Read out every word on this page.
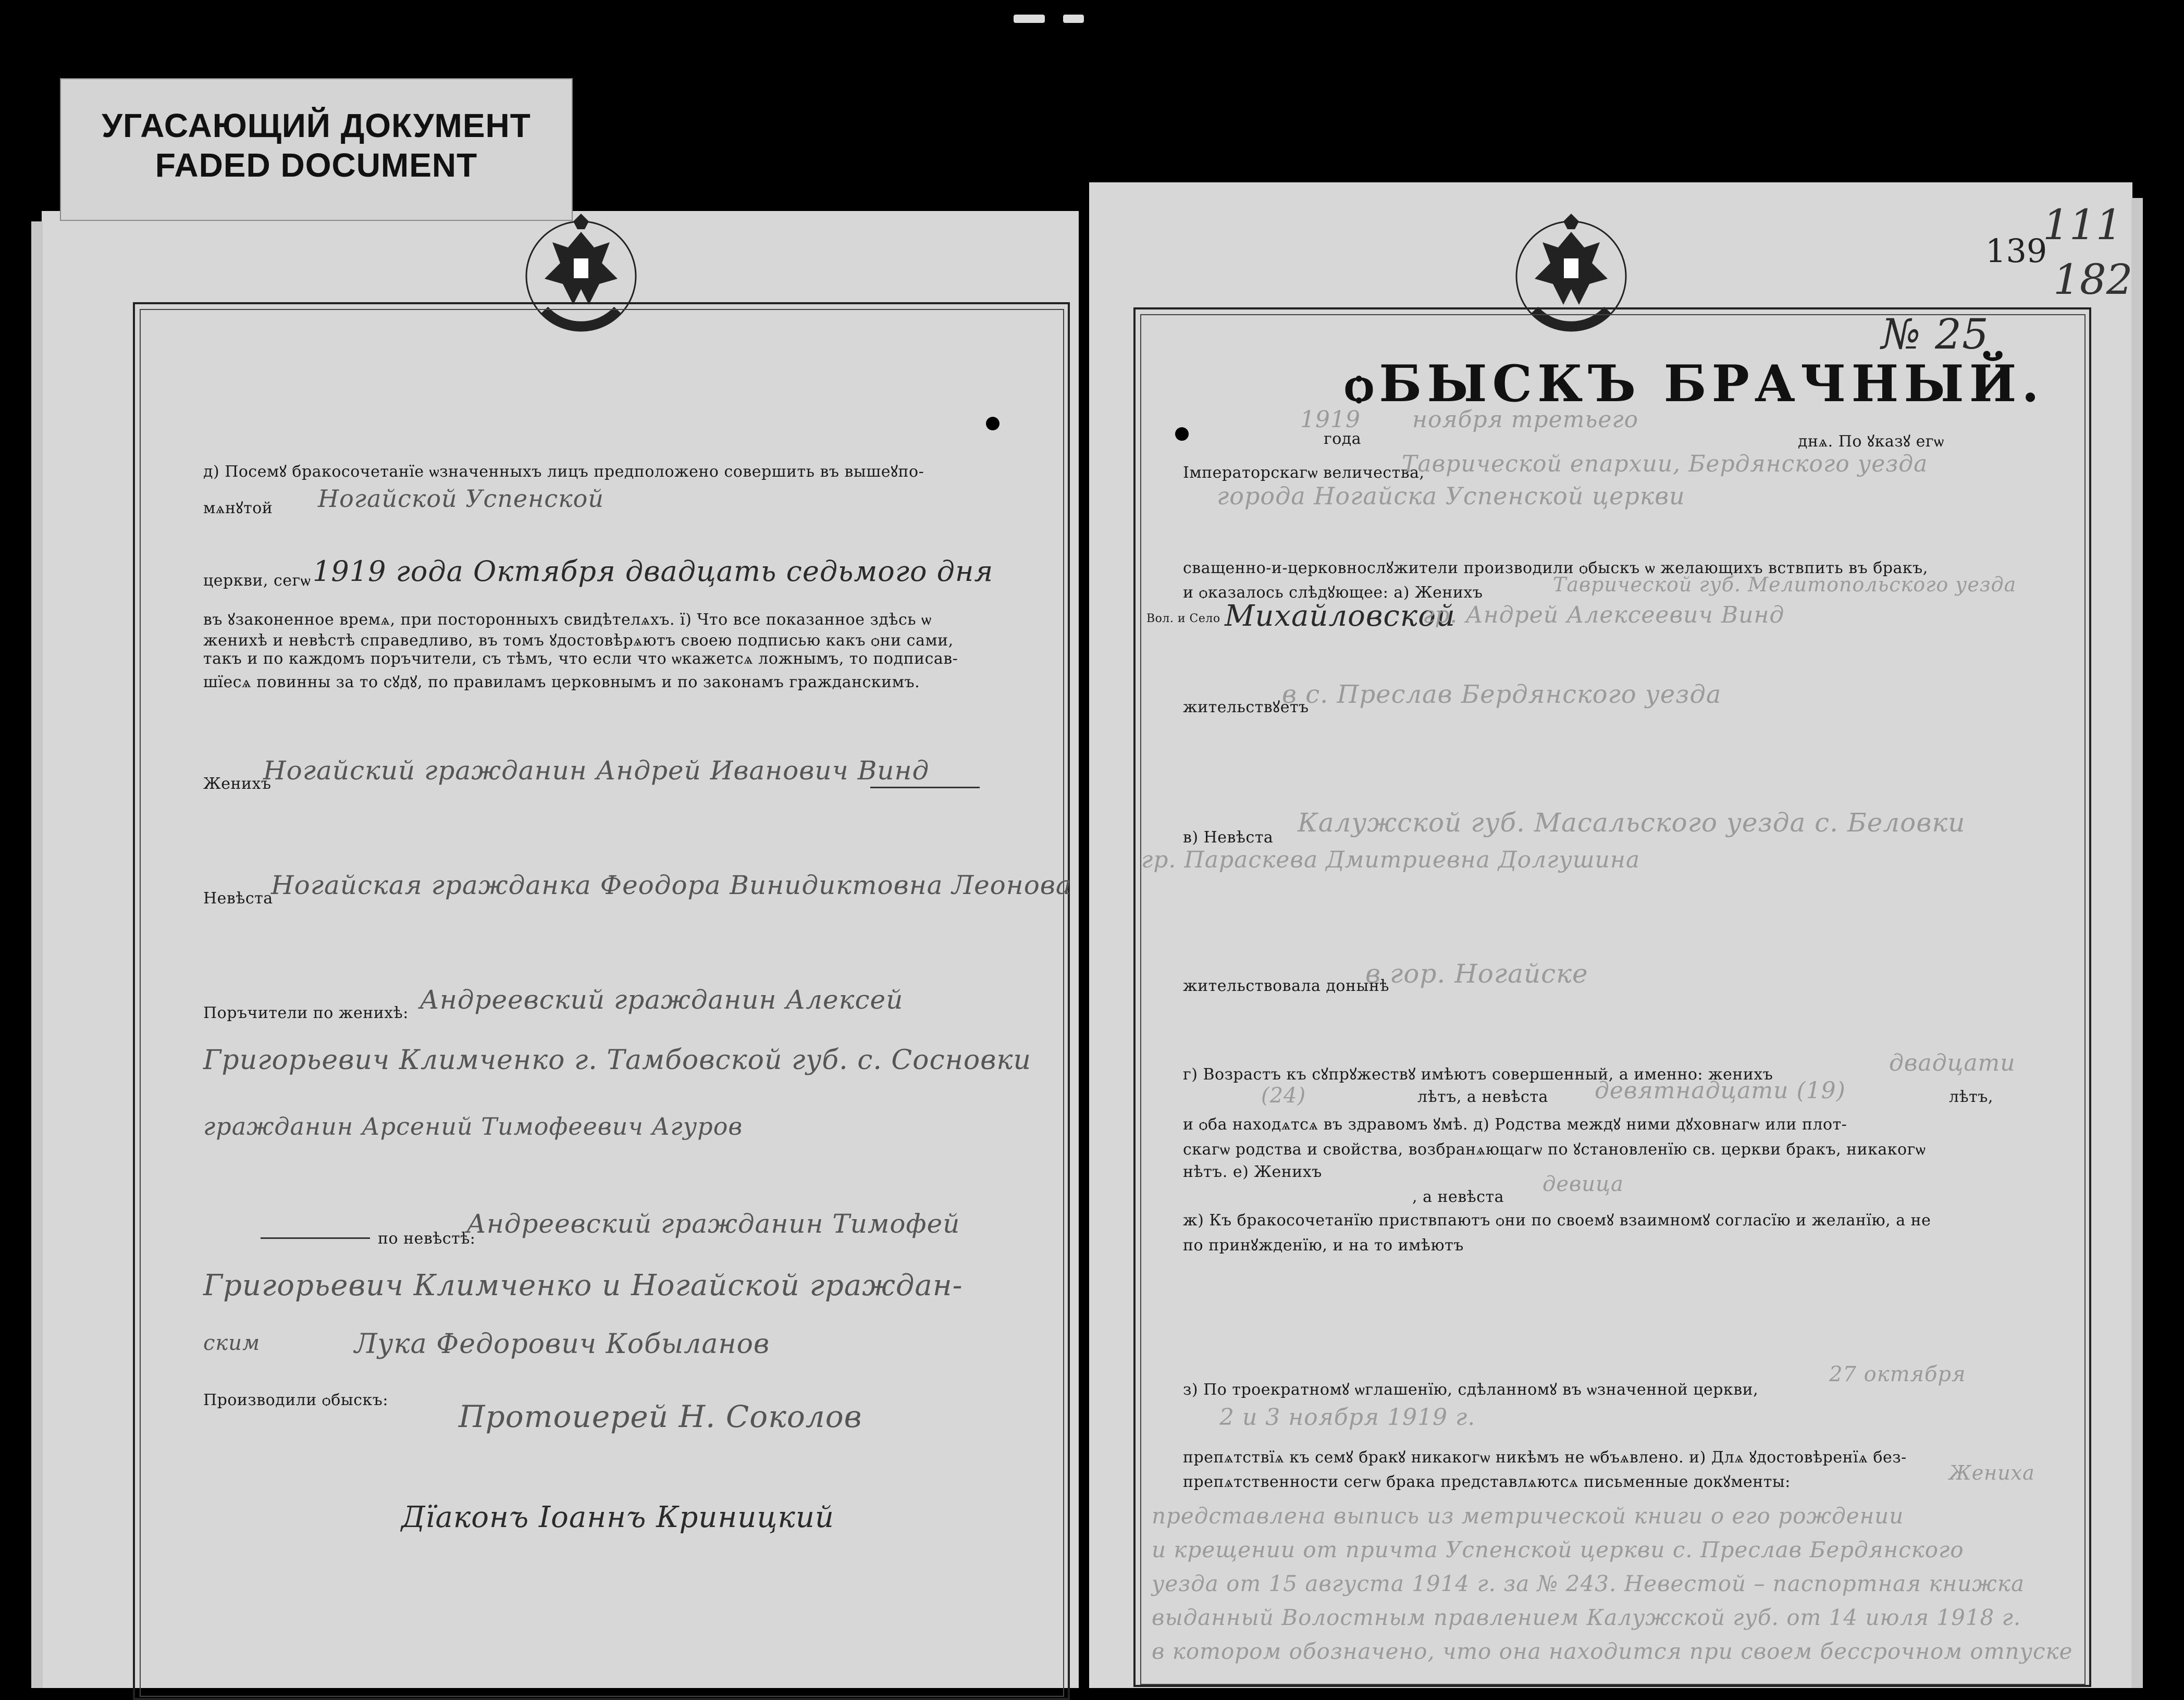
д) Посемꙋ бракосочетанїе ѡзначенныхъ лицъ предположено совершить въ вышеꙋпо-
мѧнꙋтой Ногайской Успенской
церкви, сегѡ 1919 года Октября двадцать седьмого дня
въ ꙋзаконенное времѧ, при посторонныхъ свидѣтелѧхъ. ї) Что все показанное здѣсь ѡ
женихѣ и невѣстѣ справедливо, въ томъ ꙋдостовѣрѧютъ своею подписью какъ ѻни сами,
такъ и по каждомъ поръчители, съ тѣмъ, что если что ѡкажетсѧ ложнымъ, то подписав-
шїесѧ повинны за то сꙋдꙋ, по правиламъ церковнымъ и по законамъ гражданскимъ.
Женихъ
Ногайский гражданин Андрей Иванович Винд
Невѣста
Ногайская гражданка Феодора Винидиктовна Леонова
Поръчители по женихѣ: Андреевский гражданин Алексей
Григорьевич Климченко г. Тамбовской губ. с. Сосновки
гражданин Арсений Тимофеевич Агуров
по невѣстѣ:
Андреевский гражданин Тимофей
Григорьевич Климченко и Ногайской граждан-
ским	Лука Федорович Кобыланов
Производили ѻбыскъ: Протоиерей Н. Соколов
Дїаконъ Іоаннъ Криницкий
139
111
182
№ 25
ѻБЫСКЪ БРАЧНЫЙ.
1919 ноября третьего
года	днѧ. По ꙋказꙋ егѡ
Імператорскагѡ величества,
Таврической епархии, Бердянского уезда
города Ногайска Успенской церкви
сващенно-и-церковнослꙋжители производили ѻбыскъ ѡ желающихъ вствпить въ бракъ,
и ѻказалось слѣдꙋющее: а) Женихъ	Таврической губ. Мелитопольского уезда
Вол. и Село Михайловской
гр. Андрей Алексеевич Винд
жительствꙋетъ
в с. Преслав Бердянского уезда
в) Невѣста Калужской губ. Масальского уезда с. Беловки
гр. Параскева Дмитриевна Долгушина
жительствовала донынѣ
в гор. Ногайске
г) Возрастъ къ сꙋпрꙋжествꙋ имѣютъ совершенный, а именно: женихъ	двадцати
(24)	лѣтъ, а невѣста девятнадцати (19)	лѣтъ,
и ѻба находѧтсѧ въ здравомъ ꙋмѣ. д) Родства междꙋ ними дꙋховнагѡ или плот-
скагѡ родства и свойства, возбранѧющагѡ по ꙋстановленїю св. церкви бракъ, никакогѡ
нѣтъ. е) Женихъ
, а невѣста
девица
ж) Къ бракосочетанїю приствпаютъ ѻни по своемꙋ взаимномꙋ согласїю и желанїю, а не
по принꙋжденїю, и на то имѣютъ
з) По троекратномꙋ ѡглашенїю, сдѣланномꙋ въ ѡзначенной церкви,
27 октября
2 и 3 ноября 1919 г.
препѧтствїѧ къ семꙋ бракꙋ никакогѡ никѣмъ не ѡбъѧвлено. и) Длѧ ꙋдостовѣренїѧ без-
препѧтственности сегѡ брака представлѧютсѧ письменные докꙋменты:	Жениха
представлена выпись из метрической книги о его рождении
и крещении от причта Успенской церкви с. Преслав Бердянского
уезда от 15 августа 1914 г. за № 243. Невестой – паспортная книжка
выданный Волостным правлением Калужской губ. от 14 июля 1918 г.
в котором обозначено, что она находится при своем бессрочном отпуске
УГАСАЮЩИЙ ДОКУМЕНТ
FADED DOCUMENT
